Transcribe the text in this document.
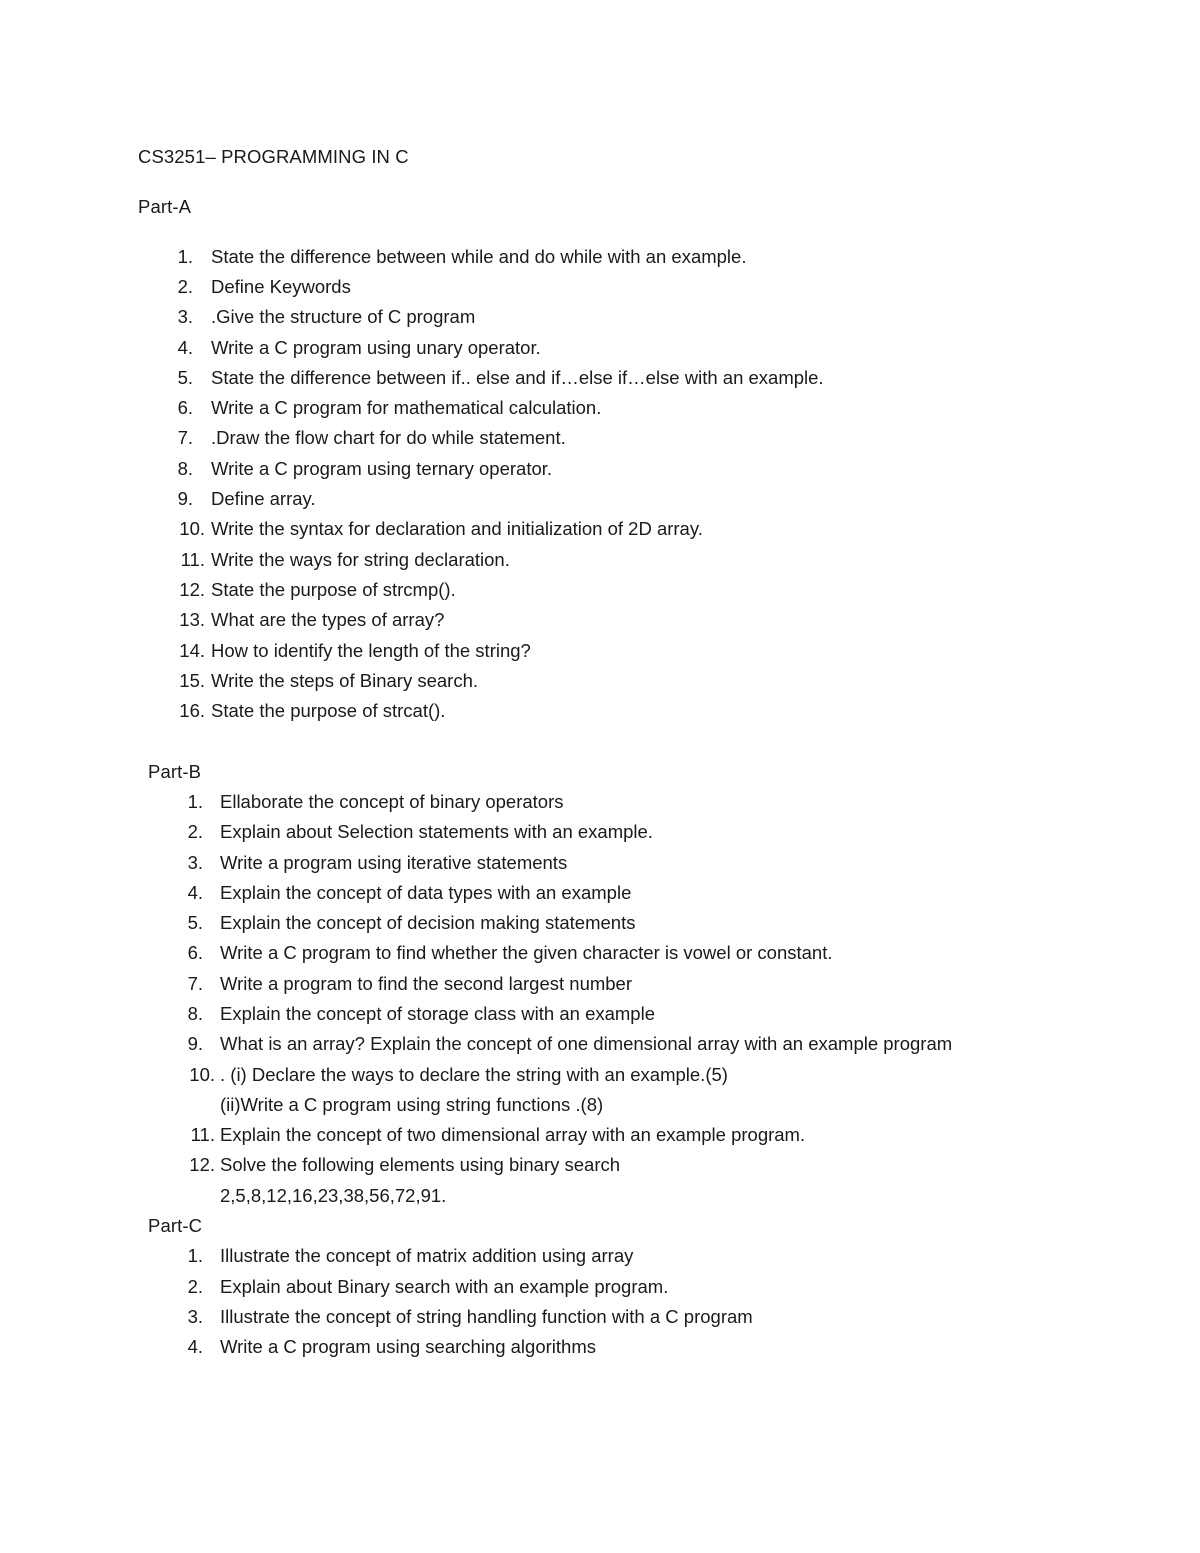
CS3251– PROGRAMMING IN C
Part-A
1. State the difference between while and do while with an example.
2. Define Keywords
3. .Give the structure of C program
4. Write a C program using unary operator.
5. State the difference between if.. else and if…else if…else with an example.
6. Write a C program for mathematical calculation.
7. .Draw the flow chart for do while statement.
8. Write a C program using ternary operator.
9. Define array.
10. Write the syntax for declaration and initialization of 2D array.
11. Write the ways for string declaration.
12. State the purpose of strcmp().
13. What are the types of array?
14. How to identify the length of the string?
15. Write the steps of Binary search.
16. State the purpose of strcat().
Part-B
1. Ellaborate the concept of binary operators
2. Explain about Selection statements with an example.
3. Write a program using iterative statements
4. Explain the concept of data types with an example
5. Explain the concept of decision making statements
6. Write a C program to find whether the given character is vowel or constant.
7. Write a program to find the second largest number
8. Explain the concept of storage class with an example
9. What is an array? Explain the concept of one dimensional array with an example program
10. . (i) Declare the ways to declare the string with an example.(5)
(ii)Write a C program using string functions .(8)
11. Explain the concept of two dimensional array with an example program.
12. Solve the following elements using binary search
2,5,8,12,16,23,38,56,72,91.
Part-C
1. Illustrate the concept of matrix addition using array
2. Explain about Binary search with an example program.
3. Illustrate the concept of string handling function with a C program
4. Write a C program using searching algorithms
